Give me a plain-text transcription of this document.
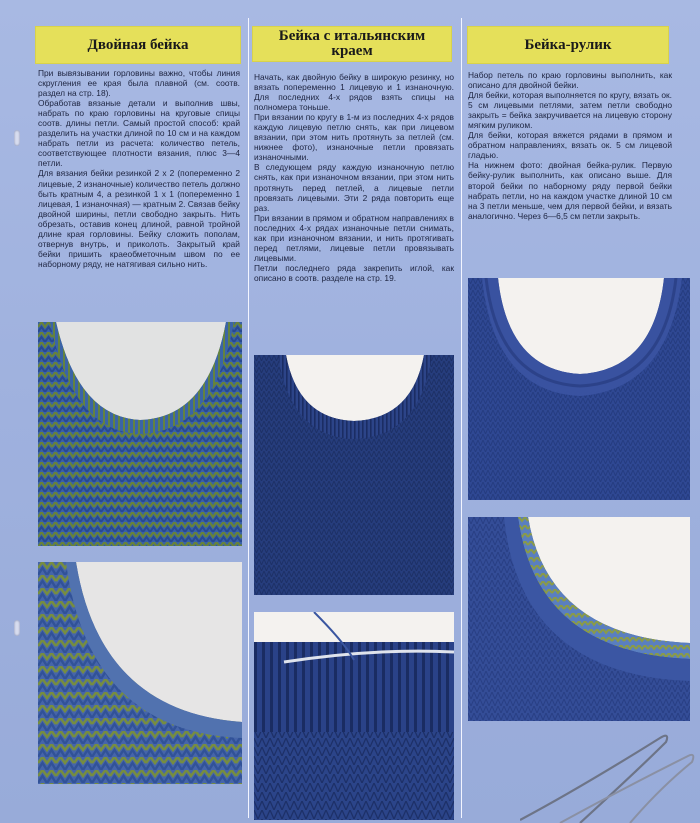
Двойная бейка

При вывязывании горловины важно, чтобы линия скругления ее края была плавной (см. соотв. раздел на стр. 18).

Обработав вязаные детали и выполнив швы, набрать по краю горловины на круговые спицы соотв. длины петли. Самый простой способ: край разделить на участки длиной по 10 см и на каждом набрать петли из расчета: количество петель, соответствующее плотности вязания, плюс 3—4 петли.

Для вязания бейки резинкой 2 х 2 (попеременно 2 лицевые, 2 изнаночные) количество петель должно быть кратным 4, а резинкой 1 х 1 (попеременно 1 лицевая, 1 изнаночная) — кратным 2. Связав бейку двойной ширины, петли свободно закрыть. Нить обрезать, оставив конец длиной, равной тройной длине края горловины. Бейку сложить пополам, отвернув внутрь, и приколоть. Закрытый край бейки пришить краеобметочным швом по ее наборному ряду, не натягивая сильно нить.

Бейка с итальянским краем

Начать, как двойную бейку в широкую резинку, но вязать попеременно 1 лицевую и 1 изнаночную. Для последних 4-х рядов взять спицы на полномера тоньше.

При вязании по кругу в 1-м из последних 4-х рядов каждую лицевую петлю снять, как при лицевом вязании, при этом нить протянуть за петлей (см. нижнее фото), изнаночные петли провязать изнаночными.

В следующем ряду каждую изнаночную петлю снять, как при изнаночном вязании, при этом нить протянуть перед петлей, а лицевые петли провязать лицевыми. Эти 2 ряда повторить еще раз.

При вязании в прямом и обратном направлениях в последних 4-х рядах изнаночные петли снимать, как при изнаночном вязании, и нить протягивать перед петлями, лицевые петли провязывать лицевыми.

Петли последнего ряда закрепить иглой, как описано в соотв. разделе на стр. 19.

Бейка-рулик

Набор петель по краю горловины выполнить, как описано для двойной бейки.

Для бейки, которая выполняется по кругу, вязать ок. 5 см лицевыми петлями, затем петли свободно закрыть = бейка закручивается на лицевую сторону мягким руликом.

Для бейки, которая вяжется рядами в прямом и обратном направлениях, вязать ок. 5 см лицевой гладью.

На нижнем фото: двойная бейка-рулик. Первую бейку-рулик выполнить, как описано выше. Для второй бейки по наборному ряду первой бейки набрать петли, но на каждом участке длиной 10 см на 3 петли меньше, чем для первой бейки, и вязать аналогично. Через 6—6,5 см петли закрыть.
